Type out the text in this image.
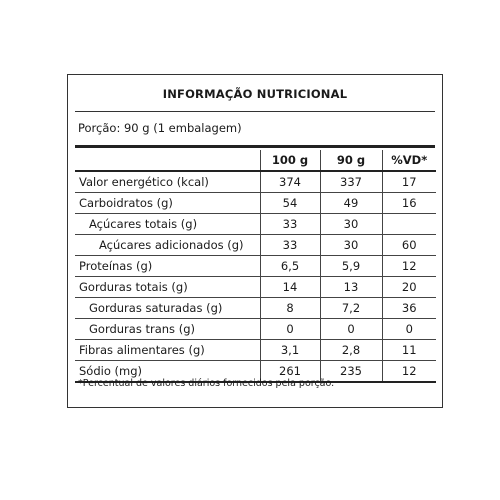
INFORMAÇÃO NUTRICIONAL
Porção: 90 g (1 embalagem)
	100 g	90 g	%VD*
Valor energético (kcal)	374	337	17
Carboidratos (g)	54	49	16
Açúcares totais (g)	33	30	
Açúcares adicionados (g)	33	30	60
Proteínas (g)	6,5	5,9	12
Gorduras totais (g)	14	13	20
Gorduras saturadas (g)	8	7,2	36
Gorduras trans (g)	0	0	0
Fibras alimentares (g)	3,1	2,8	11
Sódio (mg)	261	235	12
*Percentual de valores diários fornecidos pela porção.
